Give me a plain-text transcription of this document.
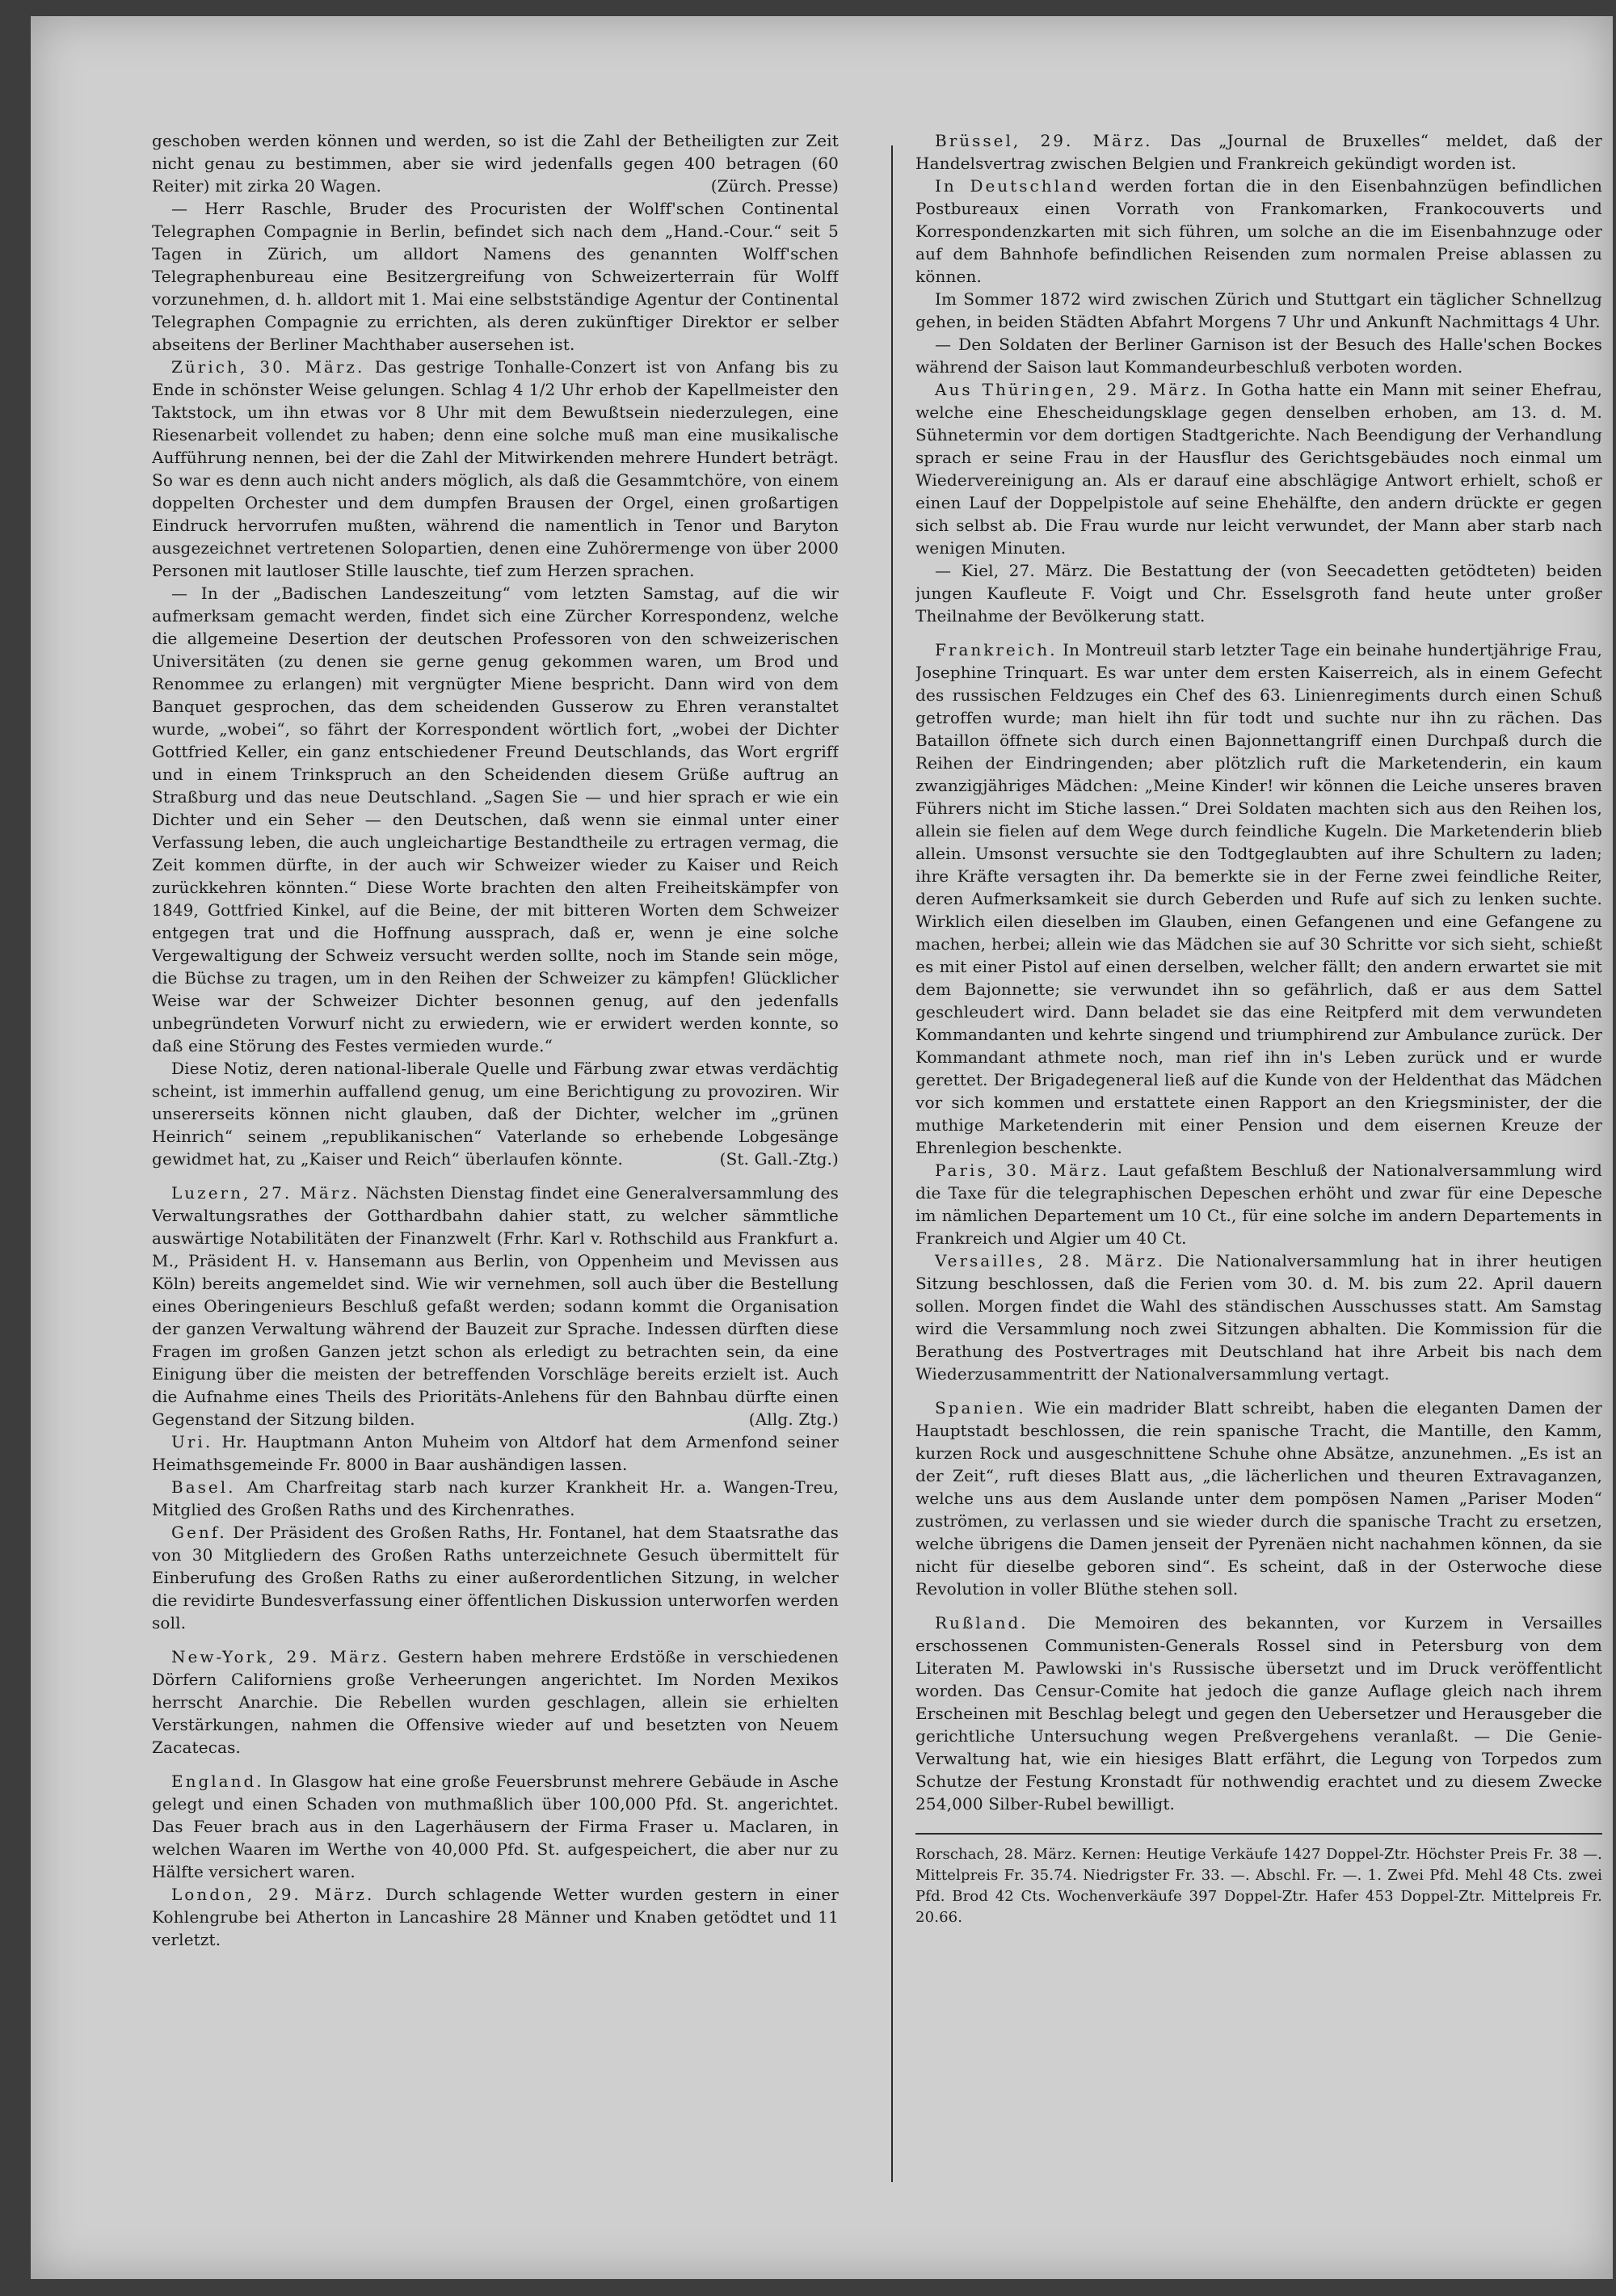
geschoben werden können und werden, so ist die Zahl der Betheiligten zur Zeit nicht genau zu bestimmen, aber sie wird jedenfalls gegen 400 betragen (60 Reiter) mit zirka 20 Wagen.	(Zürch. Presse)

— Herr Raschle, Bruder des Procuristen der Wolff'schen Continental Telegraphen Compagnie in Berlin, befindet sich nach dem „Hand.-Cour.“ seit 5 Tagen in Zürich, um alldort Namens des genannten Wolff'schen Telegraphenbureau eine Besitzergreifung von Schweizerterrain für Wolff vorzunehmen, d. h. alldort mit 1. Mai eine selbstständige Agentur der Continental Telegraphen Compagnie zu errichten, als deren zukünftiger Direktor er selber abseitens der Berliner Machthaber ausersehen ist.

Zürich, 30. März. Das gestrige Tonhalle-Conzert ist von Anfang bis zu Ende in schönster Weise gelungen. Schlag 4 1/2 Uhr erhob der Kapellmeister den Taktstock, um ihn etwas vor 8 Uhr mit dem Bewußtsein niederzulegen, eine Riesenarbeit vollendet zu haben; denn eine solche muß man eine musikalische Aufführung nennen, bei der die Zahl der Mitwirkenden mehrere Hundert beträgt. So war es denn auch nicht anders möglich, als daß die Gesammtchöre, von einem doppelten Orchester und dem dumpfen Brausen der Orgel, einen großartigen Eindruck hervorrufen mußten, während die namentlich in Tenor und Baryton ausgezeichnet vertretenen Solopartien, denen eine Zuhörermenge von über 2000 Personen mit lautloser Stille lauschte, tief zum Herzen sprachen.

— In der „Badischen Landeszeitung“ vom letzten Samstag, auf die wir aufmerksam gemacht werden, findet sich eine Zürcher Korrespondenz, welche die allgemeine Desertion der deutschen Professoren von den schweizerischen Universitäten (zu denen sie gerne genug gekommen waren, um Brod und Renommee zu erlangen) mit vergnügter Miene bespricht. Dann wird von dem Banquet gesprochen, das dem scheidenden Gusserow zu Ehren veranstaltet wurde, „wobei“, so fährt der Korrespondent wörtlich fort, „wobei der Dichter Gottfried Keller, ein ganz entschiedener Freund Deutschlands, das Wort ergriff und in einem Trinkspruch an den Scheidenden diesem Grüße auftrug an Straßburg und das neue Deutschland. „Sagen Sie — und hier sprach er wie ein Dichter und ein Seher — den Deutschen, daß wenn sie einmal unter einer Verfassung leben, die auch ungleichartige Bestandtheile zu ertragen vermag, die Zeit kommen dürfte, in der auch wir Schweizer wieder zu Kaiser und Reich zurückkehren könnten.“ Diese Worte brachten den alten Freiheitskämpfer von 1849, Gottfried Kinkel, auf die Beine, der mit bitteren Worten dem Schweizer entgegen trat und die Hoffnung aussprach, daß er, wenn je eine solche Vergewaltigung der Schweiz versucht werden sollte, noch im Stande sein möge, die Büchse zu tragen, um in den Reihen der Schweizer zu kämpfen! Glücklicher Weise war der Schweizer Dichter besonnen genug, auf den jedenfalls unbegründeten Vorwurf nicht zu erwiedern, wie er erwidert werden konnte, so daß eine Störung des Festes vermieden wurde.“

Diese Notiz, deren national-liberale Quelle und Färbung zwar etwas verdächtig scheint, ist immerhin auffallend genug, um eine Berichtigung zu provoziren. Wir unsererseits können nicht glauben, daß der Dichter, welcher im „grünen Heinrich“ seinem „republikanischen“ Vaterlande so erhebende Lobgesänge gewidmet hat, zu „Kaiser und Reich“ überlaufen könnte.	(St. Gall.-Ztg.)

Luzern, 27. März. Nächsten Dienstag findet eine Generalversammlung des Verwaltungsrathes der Gotthardbahn dahier statt, zu welcher sämmtliche auswärtige Notabilitäten der Finanzwelt (Frhr. Karl v. Rothschild aus Frankfurt a. M., Präsident H. v. Hansemann aus Berlin, von Oppenheim und Mevissen aus Köln) bereits angemeldet sind. Wie wir vernehmen, soll auch über die Bestellung eines Oberingenieurs Beschluß gefaßt werden; sodann kommt die Organisation der ganzen Verwaltung während der Bauzeit zur Sprache. Indessen dürften diese Fragen im großen Ganzen jetzt schon als erledigt zu betrachten sein, da eine Einigung über die meisten der betreffenden Vorschläge bereits erzielt ist. Auch die Aufnahme eines Theils des Prioritäts-Anlehens für den Bahnbau dürfte einen Gegenstand der Sitzung bilden.	(Allg. Ztg.)

Uri. Hr. Hauptmann Anton Muheim von Altdorf hat dem Armenfond seiner Heimathsgemeinde Fr. 8000 in Baar aushändigen lassen.

Basel. Am Charfreitag starb nach kurzer Krankheit Hr. a. Wangen-Treu, Mitglied des Großen Raths und des Kirchenrathes.

Genf. Der Präsident des Großen Raths, Hr. Fontanel, hat dem Staatsrathe das von 30 Mitgliedern des Großen Raths unterzeichnete Gesuch übermittelt für Einberufung des Großen Raths zu einer außerordentlichen Sitzung, in welcher die revidirte Bundesverfassung einer öffentlichen Diskussion unterworfen werden soll.

New-York, 29. März. Gestern haben mehrere Erdstöße in verschiedenen Dörfern Californiens große Verheerungen angerichtet. Im Norden Mexikos herrscht Anarchie. Die Rebellen wurden geschlagen, allein sie erhielten Verstärkungen, nahmen die Offensive wieder auf und besetzten von Neuem Zacatecas.

England. In Glasgow hat eine große Feuersbrunst mehrere Gebäude in Asche gelegt und einen Schaden von muthmaßlich über 100,000 Pfd. St. angerichtet. Das Feuer brach aus in den Lagerhäusern der Firma Fraser u. Maclaren, in welchen Waaren im Werthe von 40,000 Pfd. St. aufgespeichert, die aber nur zu Hälfte versichert waren.

London, 29. März. Durch schlagende Wetter wurden gestern in einer Kohlengrube bei Atherton in Lancashire 28 Männer und Knaben getödtet und 11 verletzt.

Brüssel, 29. März. Das „Journal de Bruxelles“ meldet, daß der Handelsvertrag zwischen Belgien und Frankreich gekündigt worden ist.

In Deutschland werden fortan die in den Eisenbahnzügen befindlichen Postbureaux einen Vorrath von Frankomarken, Frankocouverts und Korrespondenzkarten mit sich führen, um solche an die im Eisenbahnzuge oder auf dem Bahnhofe befindlichen Reisenden zum normalen Preise ablassen zu können.

Im Sommer 1872 wird zwischen Zürich und Stuttgart ein täglicher Schnellzug gehen, in beiden Städten Abfahrt Morgens 7 Uhr und Ankunft Nachmittags 4 Uhr.

— Den Soldaten der Berliner Garnison ist der Besuch des Halle'schen Bockes während der Saison laut Kommandeurbeschluß verboten worden.

Aus Thüringen, 29. März. In Gotha hatte ein Mann mit seiner Ehefrau, welche eine Ehescheidungsklage gegen denselben erhoben, am 13. d. M. Sühnetermin vor dem dortigen Stadtgerichte. Nach Beendigung der Verhandlung sprach er seine Frau in der Hausflur des Gerichtsgebäudes noch einmal um Wiedervereinigung an. Als er darauf eine abschlägige Antwort erhielt, schoß er einen Lauf der Doppelpistole auf seine Ehehälfte, den andern drückte er gegen sich selbst ab. Die Frau wurde nur leicht verwundet, der Mann aber starb nach wenigen Minuten.

— Kiel, 27. März. Die Bestattung der (von Seecadetten getödteten) beiden jungen Kaufleute F. Voigt und Chr. Esselsgroth fand heute unter großer Theilnahme der Bevölkerung statt.

Frankreich. In Montreuil starb letzter Tage ein beinahe hundertjährige Frau, Josephine Trinquart. Es war unter dem ersten Kaiserreich, als in einem Gefecht des russischen Feldzuges ein Chef des 63. Linienregiments durch einen Schuß getroffen wurde; man hielt ihn für todt und suchte nur ihn zu rächen. Das Bataillon öffnete sich durch einen Bajonnettangriff einen Durchpaß durch die Reihen der Eindringenden; aber plötzlich ruft die Marketenderin, ein kaum zwanzigjähriges Mädchen: „Meine Kinder! wir können die Leiche unseres braven Führers nicht im Stiche lassen.“ Drei Soldaten machten sich aus den Reihen los, allein sie fielen auf dem Wege durch feindliche Kugeln. Die Marketenderin blieb allein. Umsonst versuchte sie den Todtgeglaubten auf ihre Schultern zu laden; ihre Kräfte versagten ihr. Da bemerkte sie in der Ferne zwei feindliche Reiter, deren Aufmerksamkeit sie durch Geberden und Rufe auf sich zu lenken suchte. Wirklich eilen dieselben im Glauben, einen Gefangenen und eine Gefangene zu machen, herbei; allein wie das Mädchen sie auf 30 Schritte vor sich sieht, schießt es mit einer Pistol auf einen derselben, welcher fällt; den andern erwartet sie mit dem Bajonnette; sie verwundet ihn so gefährlich, daß er aus dem Sattel geschleudert wird. Dann beladet sie das eine Reitpferd mit dem verwundeten Kommandanten und kehrte singend und triumphirend zur Ambulance zurück. Der Kommandant athmete noch, man rief ihn in's Leben zurück und er wurde gerettet. Der Brigadegeneral ließ auf die Kunde von der Heldenthat das Mädchen vor sich kommen und erstattete einen Rapport an den Kriegsminister, der die muthige Marketenderin mit einer Pension und dem eisernen Kreuze der Ehrenlegion beschenkte.

Paris, 30. März. Laut gefaßtem Beschluß der Nationalversammlung wird die Taxe für die telegraphischen Depeschen erhöht und zwar für eine Depesche im nämlichen Departement um 10 Ct., für eine solche im andern Departements in Frankreich und Algier um 40 Ct.

Versailles, 28. März. Die Nationalversammlung hat in ihrer heutigen Sitzung beschlossen, daß die Ferien vom 30. d. M. bis zum 22. April dauern sollen. Morgen findet die Wahl des ständischen Ausschusses statt. Am Samstag wird die Versammlung noch zwei Sitzungen abhalten. Die Kommission für die Berathung des Postvertrages mit Deutschland hat ihre Arbeit bis nach dem Wiederzusammentritt der Nationalversammlung vertagt.

Spanien. Wie ein madrider Blatt schreibt, haben die eleganten Damen der Hauptstadt beschlossen, die rein spanische Tracht, die Mantille, den Kamm, kurzen Rock und ausgeschnittene Schuhe ohne Absätze, anzunehmen. „Es ist an der Zeit“, ruft dieses Blatt aus, „die lächerlichen und theuren Extravaganzen, welche uns aus dem Auslande unter dem pompösen Namen „Pariser Moden“ zuströmen, zu verlassen und sie wieder durch die spanische Tracht zu ersetzen, welche übrigens die Damen jenseit der Pyrenäen nicht nachahmen können, da sie nicht für dieselbe geboren sind“. Es scheint, daß in der Osterwoche diese Revolution in voller Blüthe stehen soll.

Rußland. Die Memoiren des bekannten, vor Kurzem in Versailles erschossenen Communisten-Generals Rossel sind in Petersburg von dem Literaten M. Pawlowski in's Russische übersetzt und im Druck veröffentlicht worden. Das Censur-Comite hat jedoch die ganze Auflage gleich nach ihrem Erscheinen mit Beschlag belegt und gegen den Uebersetzer und Herausgeber die gerichtliche Untersuchung wegen Preßvergehens veranlaßt. — Die Genie-Verwaltung hat, wie ein hiesiges Blatt erfährt, die Legung von Torpedos zum Schutze der Festung Kronstadt für nothwendig erachtet und zu diesem Zwecke 254,000 Silber-Rubel bewilligt.

Rorschach, 28. März. Kernen: Heutige Verkäufe 1427 Doppel-Ztr. Höchster Preis Fr. 38 —. Mittelpreis Fr. 35.74. Niedrigster Fr. 33. —. Abschl. Fr. —. 1. Zwei Pfd. Mehl 48 Cts. zwei Pfd. Brod 42 Cts. Wochenverkäufe 397 Doppel-Ztr. Hafer 453 Doppel-Ztr. Mittelpreis Fr. 20.66.
